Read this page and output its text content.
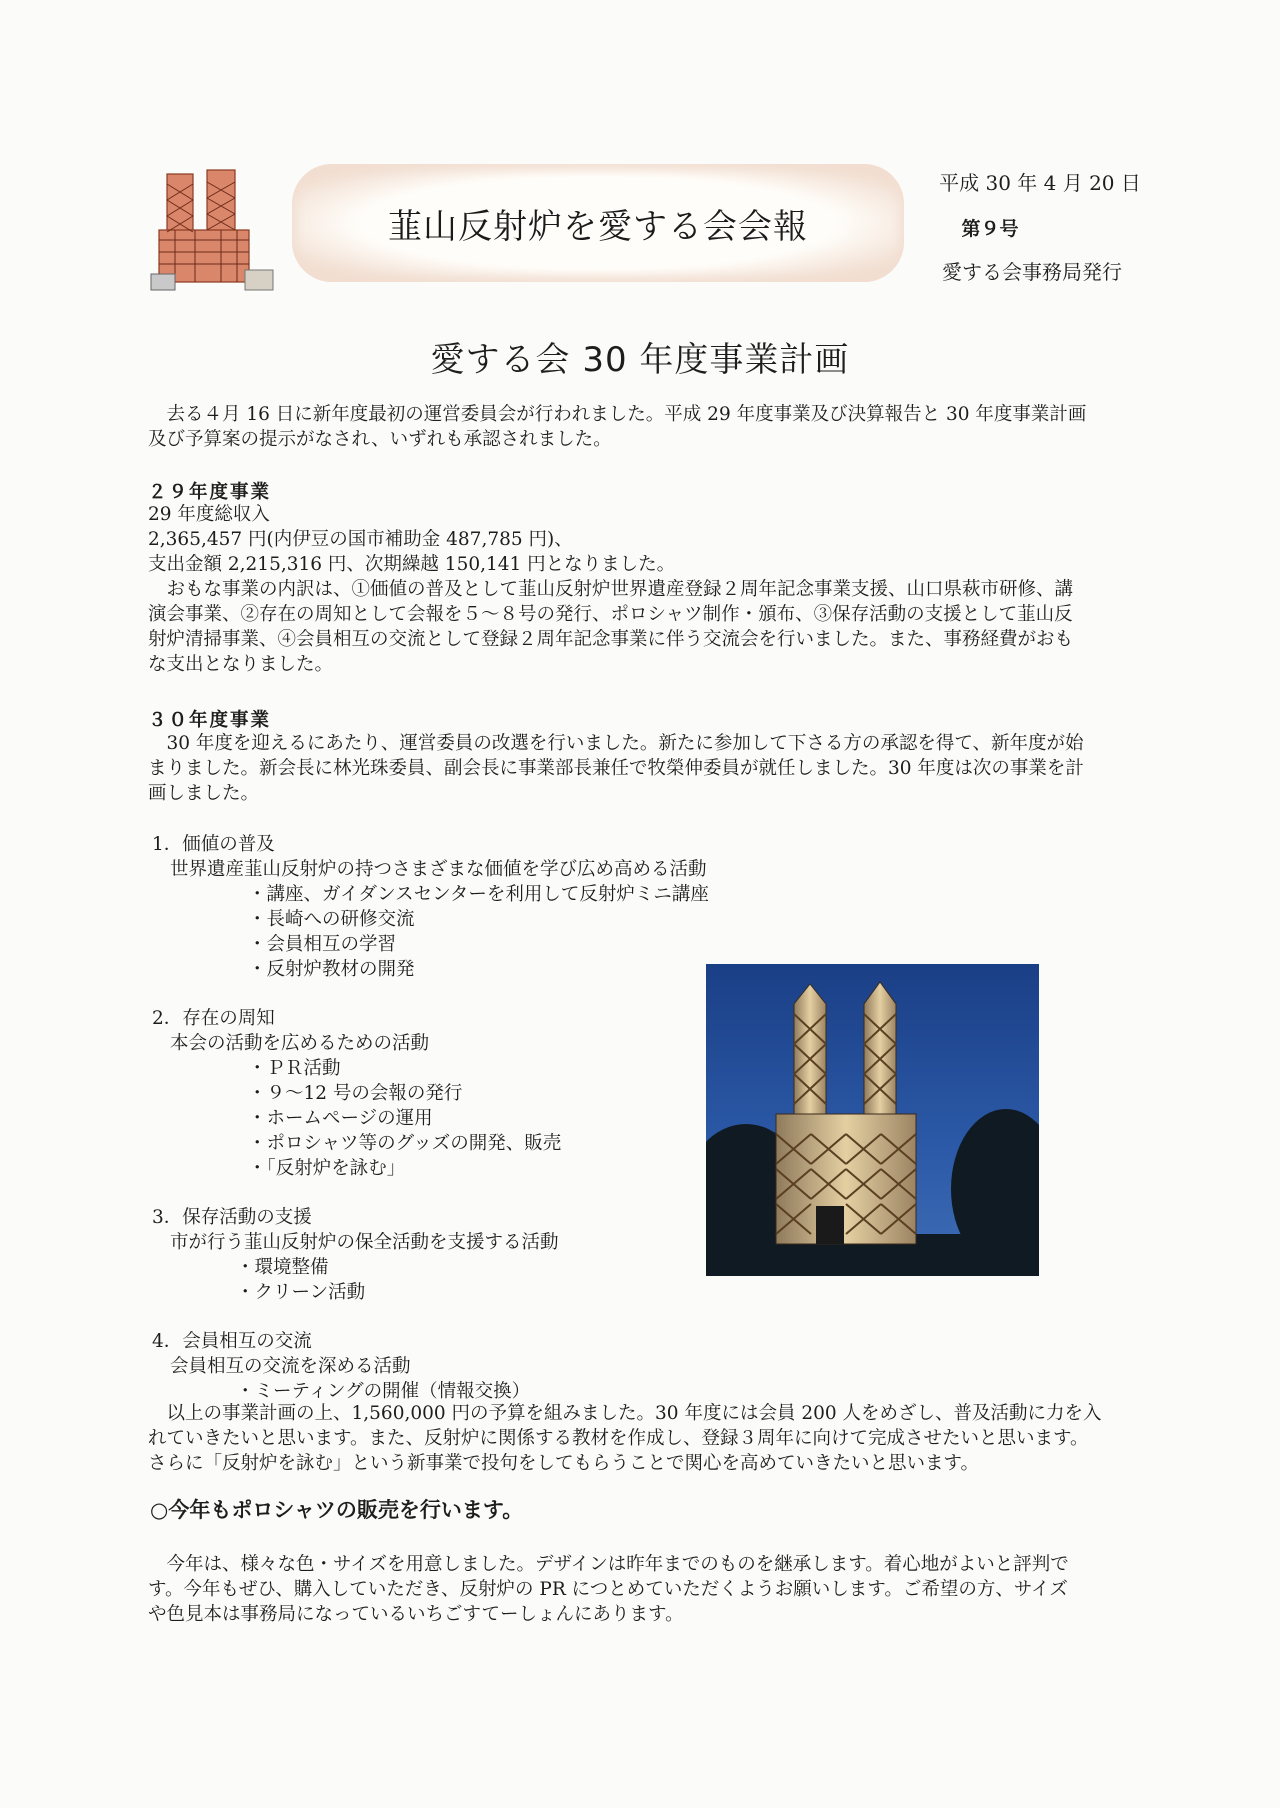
韮山反射炉を愛する会会報
平成 30 年 4 月 20 日
第９号
愛する会事務局発行
愛する会 30 年度事業計画
　去る４月 16 日に新年度最初の運営委員会が行われました。平成 29 年度事業及び決算報告と 30 年度事業計画
及び予算案の提示がなされ、いずれも承認されました。
２９年度事業
29 年度総収入
2,365,457 円(内伊豆の国市補助金 487,785 円)、
支出金額 2,215,316 円、次期繰越 150,141 円となりました。
　おもな事業の内訳は、①価値の普及として韮山反射炉世界遺産登録２周年記念事業支援、山口県萩市研修、講
演会事業、②存在の周知として会報を５～８号の発行、ポロシャツ制作・頒布、③保存活動の支援として韮山反
射炉清掃事業、④会員相互の交流として登録２周年記念事業に伴う交流会を行いました。また、事務経費がおも
な支出となりました。
３０年度事業
　30 年度を迎えるにあたり、運営委員の改選を行いました。新たに参加して下さる方の承認を得て、新年度が始
まりました。新会長に林光珠委員、副会長に事業部長兼任で牧榮伸委員が就任しました。30 年度は次の事業を計
画しました。
1．価値の普及
世界遺産韮山反射炉の持つさまざまな価値を学び広め高める活動
・講座、ガイダンスセンターを利用して反射炉ミニ講座
・長崎への研修交流
・会員相互の学習
・反射炉教材の開発
2．存在の周知
本会の活動を広めるための活動
・ＰＲ活動
・９～12 号の会報の発行
・ホームページの運用
・ポロシャツ等のグッズの開発、販売
・「反射炉を詠む」
3．保存活動の支援
市が行う韮山反射炉の保全活動を支援する活動
・環境整備
・クリーン活動
4．会員相互の交流
会員相互の交流を深める活動
・ミーティングの開催（情報交換）
　以上の事業計画の上、1,560,000 円の予算を組みました。30 年度には会員 200 人をめざし、普及活動に力を入
れていきたいと思います。また、反射炉に関係する教材を作成し、登録３周年に向けて完成させたいと思います。
さらに「反射炉を詠む」という新事業で投句をしてもらうことで関心を高めていきたいと思います。
○今年もポロシャツの販売を行います。
　今年は、様々な色・サイズを用意しました。デザインは昨年までのものを継承します。着心地がよいと評判で
す。今年もぜひ、購入していただき、反射炉の PR につとめていただくようお願いします。ご希望の方、サイズ
や色見本は事務局になっているいちごすてーしょんにあります。
